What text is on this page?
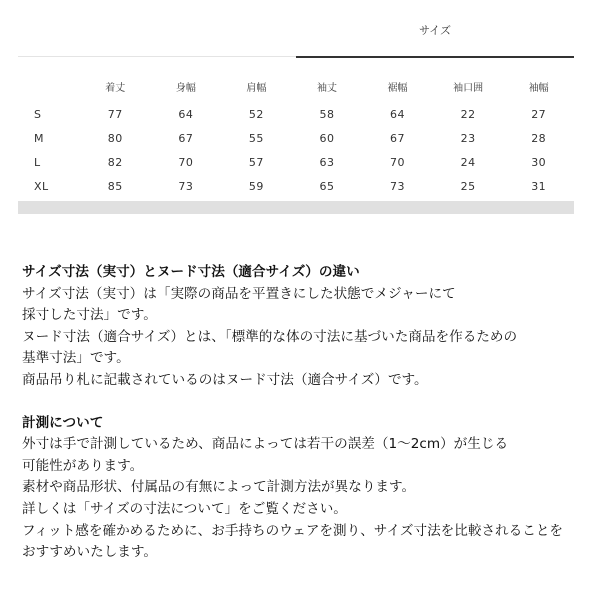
サイズ
	着丈	身幅	肩幅	袖丈	裾幅	袖口囲	袖幅
S	77	64	52	58	64	22	27
M	80	67	55	60	67	23	28
L	82	70	57	63	70	24	30
XL	85	73	59	65	73	25	31
サイズ寸法（実寸）とヌード寸法（適合サイズ）の違い

サイズ寸法（実寸）は「実際の商品を平置きにした状態でメジャーにて

採寸した寸法」です。

ヌード寸法（適合サイズ）とは、「標準的な体の寸法に基づいた商品を作るための

基準寸法」です。

商品吊り札に記載されているのはヌード寸法（適合サイズ）です。

計測について

外寸は手で計測しているため、商品によっては若干の誤差（1〜2cm）が生じる

可能性があります。

素材や商品形状、付属品の有無によって計測方法が異なります。

詳しくは「サイズの寸法について」をご覧ください。

フィット感を確かめるために、お手持ちのウェアを測り、サイズ寸法を比較されることを

おすすめいたします。
